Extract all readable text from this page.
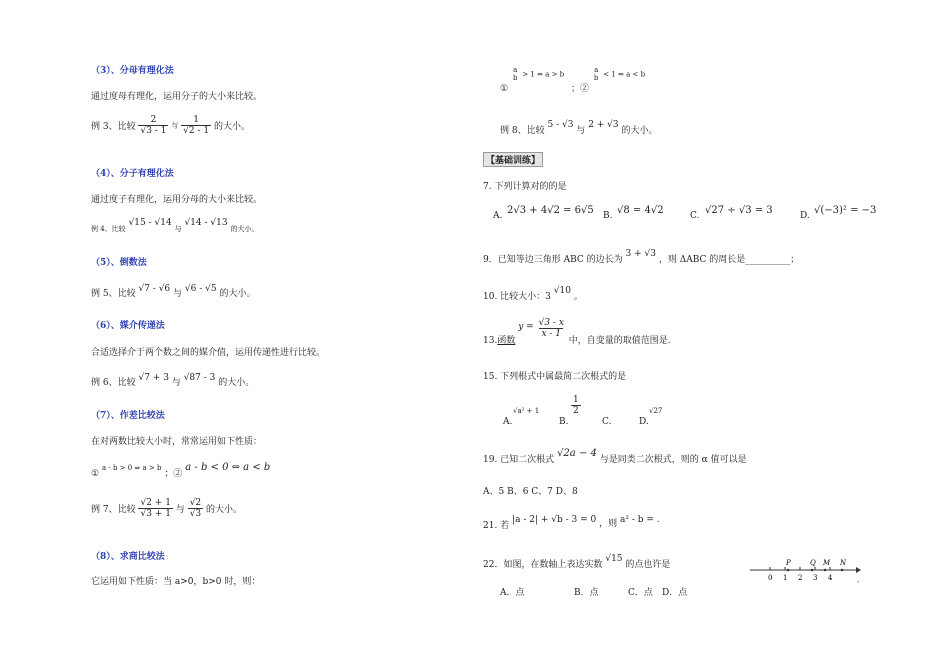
（3）、分母有理化法
通过度母有理化，运用分子的大小来比较。
例 3、比较 $\frac{2}{√3 - 1}$ 与 $\frac{1}{√2 - 1}$ 的大小。
（4）、分子有理化法
通过度子有理化，运用分母的大小来比较。
$_{例 4、比较}$ √15 - √14 $_与$ √14 - √13 $_{的大小。}$
（5）、倒数法
例 5、比较 √7 - √6 与 √6 - √5 的大小。
（6）、媒介传递法
合适选择介于两个数之间的媒介值，运用传递性进行比较。
例 6、比较 √7 + 3 与 √87 - 3 的大小。
（7）、作差比较法
在对两数比较大小时，常常运用如下性质：
① a - b > 0 ⇔ a > b ；② a - b < 0 ⇔ a < b
例 7、比较 $\frac{√2 + 1}{√3 + 1}$ 与 $\frac{√2}{√3}$ 的大小。
（8）、求商比较法
它运用如下性质：当 a>0，b>0 时，则：
①
a
b > 1 ⇔ a > b ；②
a
b < 1 ⇔ a < b
例 8、比较 5 - √3 与 2 + √3 的大小。
【基础训练】
7. 下列计算对的的是
A. 2√3 + 4√2 = 6√5 B. √8 = 4√2	C. √27 ÷ √3 = 3	D. √(−3)² = −3
9．已知等边三角形 ABC 的边长为 3 + √3 ，则 ΔABC 的周长是__________；
10. 比较大小：3 √10 。
13.函数 $y = \frac{√3 - x}{x - 1}$
中，自变量的取值范围是.
15. 下列根式中属最简二次根式的是
A.
√a² + 1
B.
$\frac{1}{2}$
C.	D.
√27
19. 已知二次根式 √2a − 4 与是同类二次根式，则的 α 值可以是
A、5 B、6 C、7 D、8
21. 若 |a - 2| + √b - 3 = 0 ，则 a² - b = .
22．如图，在数轴上表达实数 √15 的点也许是
A．点	B．点	C．点 D．点
0 1 2 3 4
P	Q M N
,
